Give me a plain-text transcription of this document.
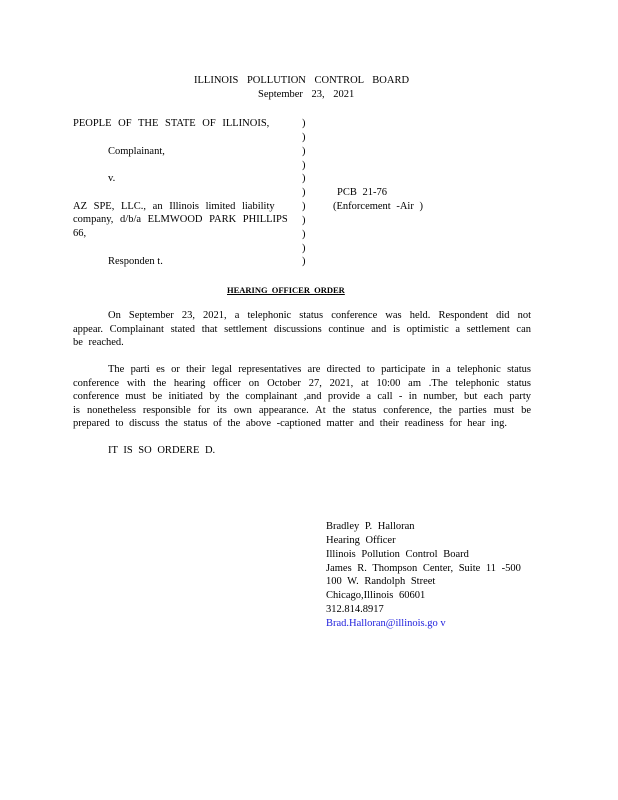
ILLINOIS POLLUTION CONTROL BOARD
September 23, 2021
PEOPLE OF THE STATE OF ILLINOIS,
Complainant,
v.
AZ SPE, LLC., an Illinois limited liability
company, d/b/a ELMWOOD PARK PHILLIPS
66,
Responden t.
)
)
)
)
)
)
)
)
)
)
)
PCB 21-76
(Enforcement -Air )
HEARING OFFICER ORDER
On September 23, 2021, a telephonic status conference was held. Respondent did not appear. Complainant stated that settlement discussions continue and is optimistic a settlement can be reached.
The parti es or their legal representatives are directed to participate in a telephonic status conference with the hearing officer on October 27, 2021, at 10:00 am .The telephonic status conference must be initiated by the complainant ,and provide a call - in number, but each party is nonetheless responsible for its own appearance. At the status conference, the parties must be prepared to discuss the status of the above -captioned matter and their readiness for hear ing.
IT IS SO ORDERE D.
Bradley P. Halloran
Hearing Officer
Illinois Pollution Control Board
James R. Thompson Center, Suite 11 -500
100 W. Randolph Street
Chicago,Illinois 60601
312.814.8917
Brad.Halloran@illinois.go v
